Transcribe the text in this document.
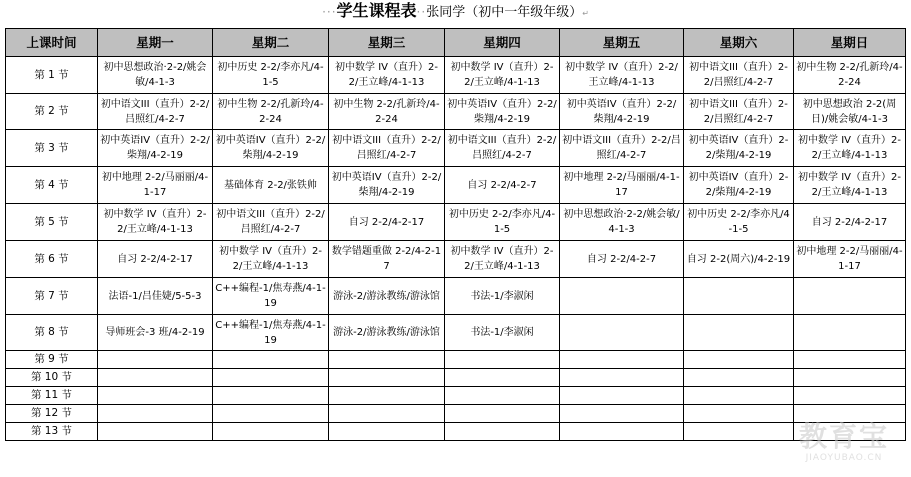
···学生课程表··张同学（初中一年级年级）↵
上课时间	星期一	星期二	星期三	星期四	星期五	星期六	星期日
第 1 节	初中思想政治·2-2/姚会敏/4-1-3	初中历史 2-2/李亦凡/4-1-5	初中数学 IV（直升）2-2/王立峰/4-1-13	初中数学 IV（直升）2-2/王立峰/4-1-13	初中数学 IV（直升）2-2/王立峰/4-1-13	初中语文III（直升）2-2/吕照红/4-2-7	初中生物 2-2/孔新玲/4-2-24
第 2 节	初中语文III（直升）2-2/吕照红/4-2-7	初中生物 2-2/孔新玲/4-2-24	初中生物 2-2/孔新玲/4-2-24	初中英语IV（直升）2-2/柴翔/4-2-19	初中英语IV（直升）2-2/柴翔/4-2-19	初中语文III（直升）2-2/吕照红/4-2-7	初中思想政治 2-2(周日)/姚会敏/4-1-3
第 3 节	初中英语IV（直升）2-2/柴翔/4-2-19	初中英语IV（直升）2-2/柴翔/4-2-19	初中语文III（直升）2-2/吕照红/4-2-7	初中语文III（直升）2-2/吕照红/4-2-7	初中语文III（直升）2-2/吕照红/4-2-7	初中英语IV（直升）2-2/柴翔/4-2-19	初中数学 IV（直升）2-2/王立峰/4-1-13
第 4 节	初中地理 2-2/马丽丽/4-1-17	基础体育 2-2/张铁帅	初中英语IV（直升）2-2/柴翔/4-2-19	自习 2-2/4-2-7	初中地理 2-2/马丽丽/4-1-17	初中英语IV（直升）2-2/柴翔/4-2-19	初中数学 IV（直升）2-2/王立峰/4-1-13
第 5 节	初中数学 IV（直升）2-2/王立峰/4-1-13	初中语文III（直升）2-2/吕照红/4-2-7	自习 2-2/4-2-17	初中历史 2-2/李亦凡/4-1-5	初中思想政治·2-2/姚会敏/4-1-3	初中历史 2-2/李亦凡/4-1-5	自习 2-2/4-2-17
第 6 节	自习 2-2/4-2-17	初中数学 IV（直升）2-2/王立峰/4-1-13	数学错题重做 2-2/4-2-17	初中数学 IV（直升）2-2/王立峰/4-1-13	自习 2-2/4-2-7	自习 2-2(周六)/4-2-19	初中地理 2-2/马丽丽/4-1-17
第 7 节	法语-1/吕佳婕/5-5-3	C++编程-1/焦寿燕/4-1-19	游泳-2/游泳教练/游泳馆	书法-1/李淑闲			
第 8 节	导师班会-3 班/4-2-19	C++编程-1/焦寿燕/4-1-19	游泳-2/游泳教练/游泳馆	书法-1/李淑闲			
第 9 节							
第 10 节							
第 11 节							
第 12 节							
第 13 节								教育宝
JIAOYUBAO.CN
